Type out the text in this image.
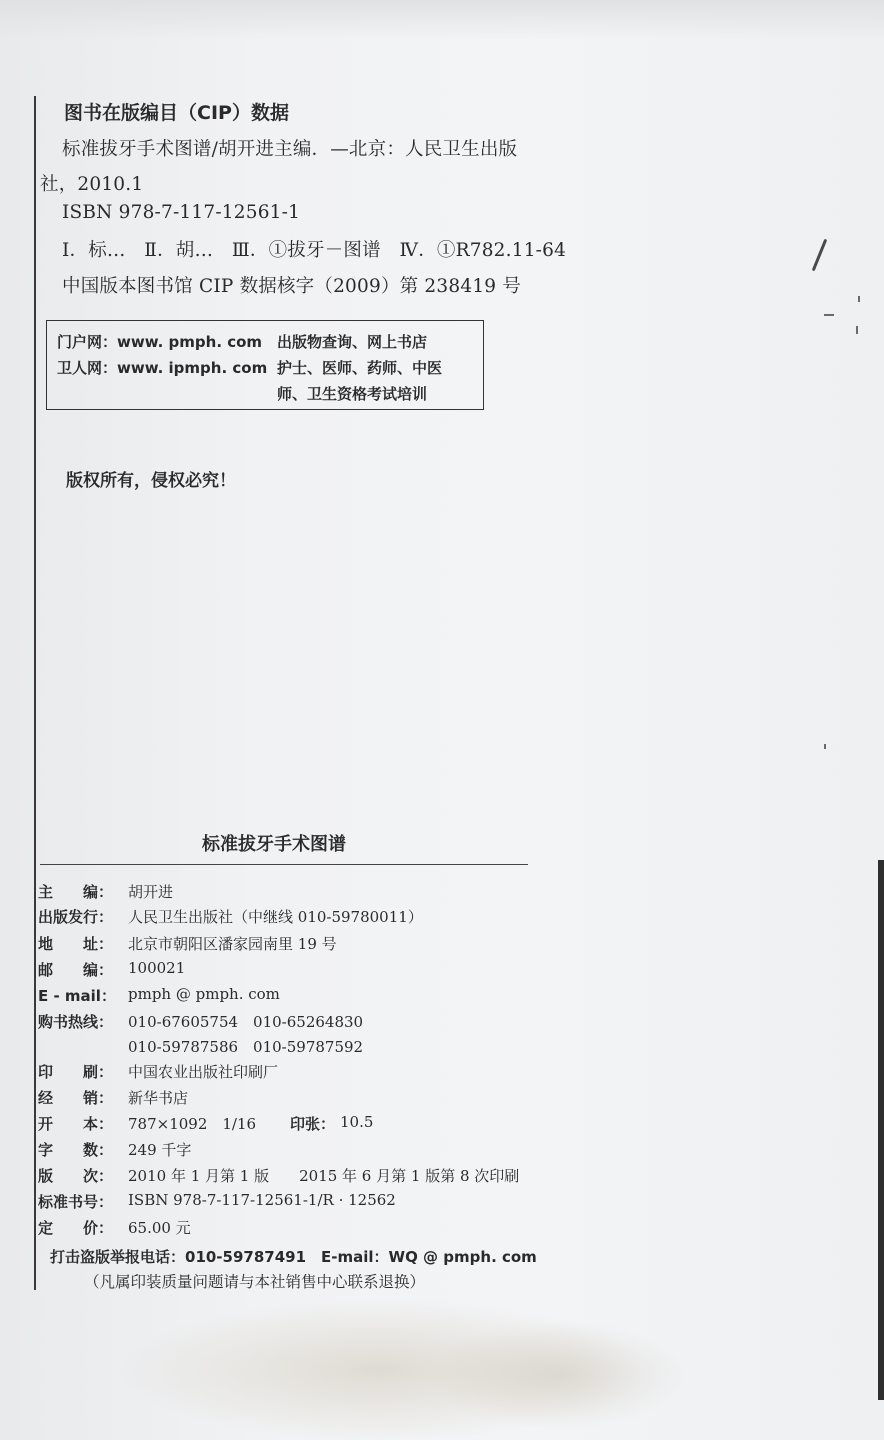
图书在版编目（CIP）数据
标准拔牙手术图谱/胡开进主编．—北京：人民卫生出版
社，2010.1
ISBN 978-7-117-12561-1
Ⅰ．标…　Ⅱ．胡…　Ⅲ．①拔牙－图谱　Ⅳ．①R782.11-64
中国版本图书馆 CIP 数据核字（2009）第 238419 号
门户网：www. pmph. com 出版物查询、网上书店
卫人网：www. ipmph. com 护士、医师、药师、中医
师、卫生资格考试培训
版权所有，侵权必究！
标准拔牙手术图谱
主　　编： 胡开进
出版发行： 人民卫生出版社（中继线 010-59780011）
地　　址： 北京市朝阳区潘家园南里 19 号
邮　　编： 100021
E - mail： pmph @ pmph. com
购书热线： 010-67605754　010-65264830
010-59787586　010-59787592
印　　刷： 中国农业出版社印刷厂
经　　销： 新华书店
开　　本： 787×1092　1/16 印张： 10.5
字　　数： 249 千字
版　　次： 2010 年 1 月第 1 版　　2015 年 6 月第 1 版第 8 次印刷
标准书号： ISBN 978-7-117-12561-1/R · 12562
定　　价： 65.00 元
打击盗版举报电话：010-59787491　E-mail：WQ @ pmph. com
（凡属印装质量问题请与本社销售中心联系退换）
